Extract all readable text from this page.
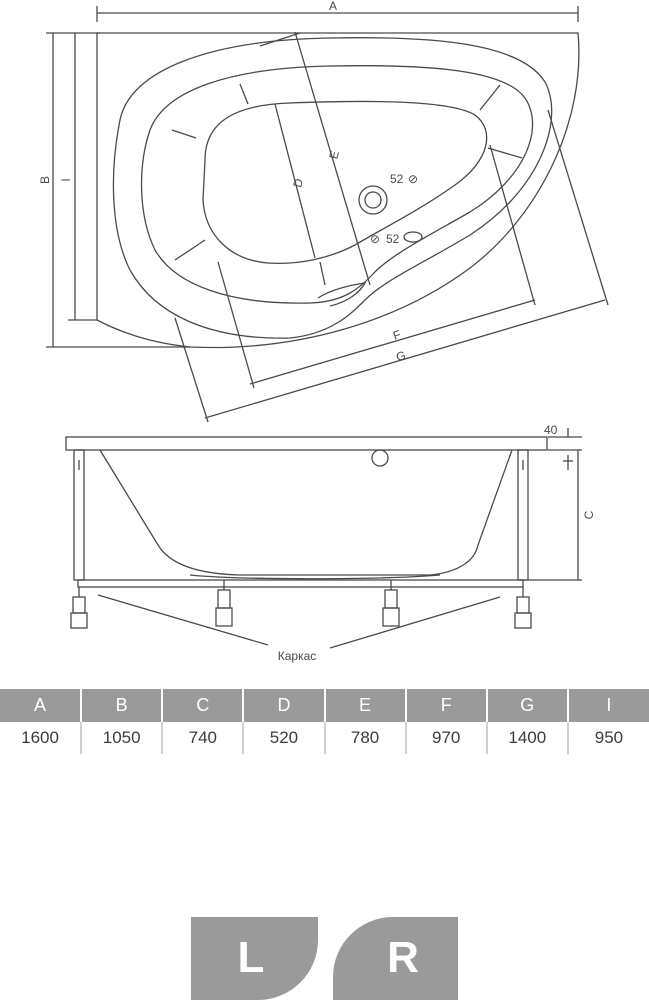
A
B I	D
E
F
G
52 ⊘
⊘ 52
40
C
Каркас
A	B	C	D	E	F	G	I
1600	1050	740	520	780	970	1400	950
L	R
